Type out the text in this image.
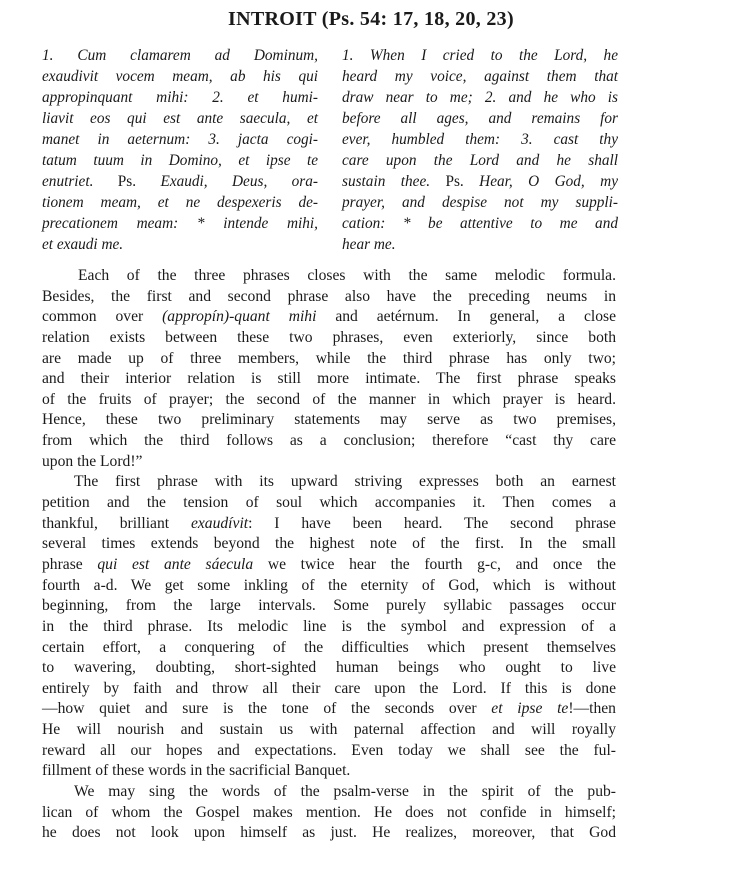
INTROIT (Ps. 54: 17, 18, 20, 23)
1. Cum clamarem ad Dominum,
exaudivit vocem meam, ab his qui
appropinquant mihi: 2. et humi-
liavit eos qui est ante saecula, et
manet in aeternum: 3. jacta cogi-
tatum tuum in Domino, et ipse te
enutriet. Ps. Exaudi, Deus, ora-
tionem meam, et ne despexeris de-
precationem meam: * intende mihi,
et exaudi me.
1. When I cried to the Lord, he
heard my voice, against them that
draw near to me; 2. and he who is
before all ages, and remains for
ever, humbled them: 3. cast thy
care upon the Lord and he shall
sustain thee. Ps. Hear, O God, my
prayer, and despise not my suppli-
cation: * be attentive to me and
hear me.
Each of the three phrases closes with the same melodic formula.
Besides, the first and second phrase also have the preceding neums in
common over (appropín)-quant mihi and aetérnum. In general, a close
relation exists between these two phrases, even exteriorly, since both
are made up of three members, while the third phrase has only two;
and their interior relation is still more intimate. The first phrase speaks
of the fruits of prayer; the second of the manner in which prayer is heard.
Hence, these two preliminary statements may serve as two premises,
from which the third follows as a conclusion; therefore “cast thy care
upon the Lord!”
The first phrase with its upward striving expresses both an earnest
petition and the tension of soul which accompanies it. Then comes a
thankful, brilliant exaudívit: I have been heard. The second phrase
several times extends beyond the highest note of the first. In the small
phrase qui est ante sáecula we twice hear the fourth g-c, and once the
fourth a-d. We get some inkling of the eternity of God, which is without
beginning, from the large intervals. Some purely syllabic passages occur
in the third phrase. Its melodic line is the symbol and expression of a
certain effort, a conquering of the difficulties which present themselves
to wavering, doubting, short-sighted human beings who ought to live
entirely by faith and throw all their care upon the Lord. If this is done
—how quiet and sure is the tone of the seconds over et ipse te!—then
He will nourish and sustain us with paternal affection and will royally
reward all our hopes and expectations. Even today we shall see the ful-
fillment of these words in the sacrificial Banquet.
We may sing the words of the psalm-verse in the spirit of the pub-
lican of whom the Gospel makes mention. He does not confide in himself;
he does not look upon himself as just. He realizes, moreover, that God
